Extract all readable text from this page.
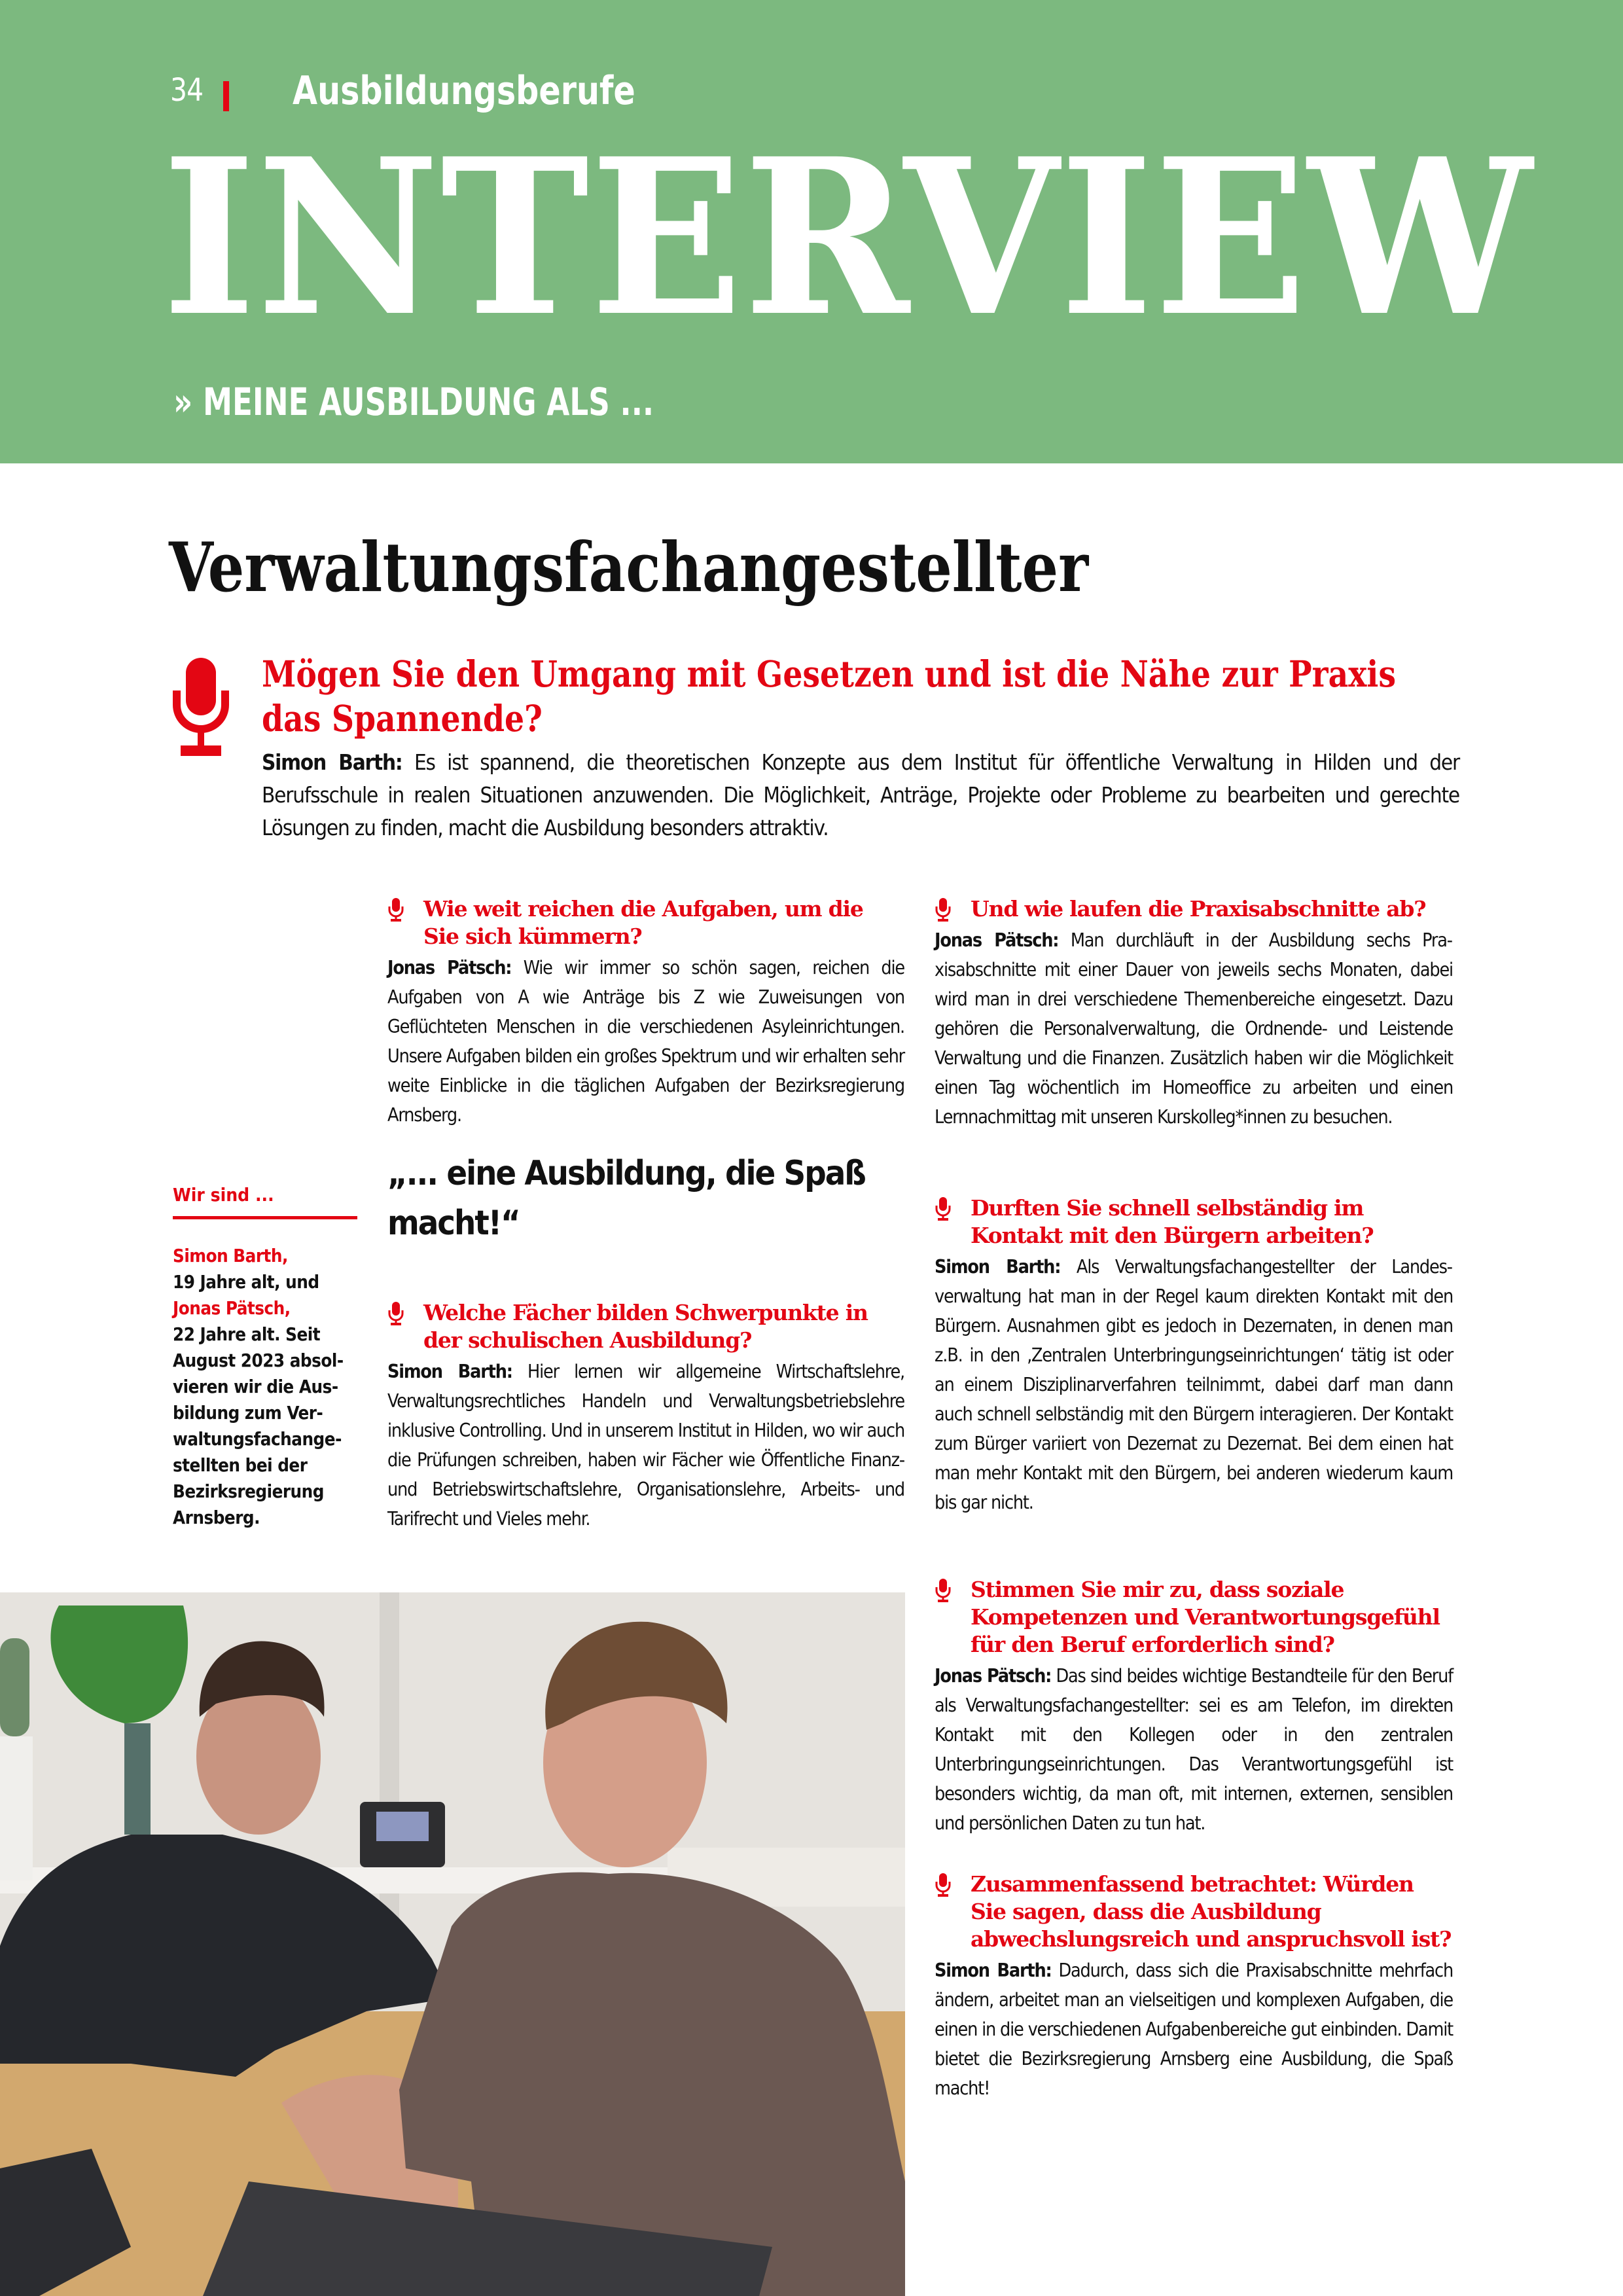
34 Ausbildungsberufe
INTERVIEW
» MEINE AUSBILDUNG ALS ...
Verwaltungsfachangestellter
Mögen Sie den Umgang mit Gesetzen und ist die Nähe zur Praxis das Spannende?
Simon Barth: Es ist spannend, die theoretischen Konzepte aus dem Institut für öffentliche Verwaltung in Hilden und der Berufsschule in realen Situationen anzuwenden. Die Möglichkeit, Anträge, Projekte oder Probleme zu bearbeiten und gerechte Lösungen zu finden, macht die Ausbildung besonders attraktiv.
Wir sind ...
Simon Barth,
19 Jahre alt, und
Jonas Pätsch,
22 Jahre alt. Seit August 2023 absolvieren wir die Ausbildung zum Verwaltungsfachangestellten bei der Bezirksregierung Arnsberg.
Wie weit reichen die Aufgaben, um die Sie sich kümmern?
Jonas Pätsch: Wie wir immer so schön sagen, reichen die Aufgaben von A wie Anträge bis Z wie Zuweisungen von Geflüchteten Menschen in die verschiedenen Asyleinrichtungen. Unsere Aufgaben bilden ein großes Spektrum und wir erhalten sehr weite Einblicke in die täglichen Aufgaben der Bezirksregierung Arnsberg.
„... eine Ausbildung, die Spaß macht!“
Welche Fächer bilden Schwerpunkte in der schulischen Ausbildung?
Simon Barth: Hier lernen wir allgemeine Wirtschaftslehre, Verwaltungsrechtliches Handeln und Verwaltungsbetriebslehre inklusive Controlling. Und in unserem Institut in Hilden, wo wir auch die Prüfungen schreiben, haben wir Fächer wie Öffentliche Finanz- und Betriebswirtschaftslehre, Organisationslehre, Arbeits- und Tarifrecht und Vieles mehr.
Und wie laufen die Praxisabschnitte ab?
Jonas Pätsch: Man durchläuft in der Ausbildung sechs Praxisabschnitte mit einer Dauer von jeweils sechs Monaten, dabei wird man in drei verschiedene Themenbereiche eingesetzt. Dazu gehören die Personalverwaltung, die Ordnende- und Leistende Verwaltung und die Finanzen. Zusätzlich haben wir die Möglichkeit einen Tag wöchentlich im Homeoffice zu arbeiten und einen Lernnachmittag mit unseren Kurskolleg*innen zu besuchen.
Durften Sie schnell selbständig im Kontakt mit den Bürgern arbeiten?
Simon Barth: Als Verwaltungsfachangestellter der Landesverwaltung hat man in der Regel kaum direkten Kontakt mit den Bürgern. Ausnahmen gibt es jedoch in Dezernaten, in denen man z.B. in den ‚Zentralen Unterbringungseinrichtungen‘ tätig ist oder an einem Disziplinarverfahren teilnimmt, dabei darf man dann auch schnell selbständig mit den Bürgern interagieren. Der Kontakt zum Bürger variiert von Dezernat zu Dezernat. Bei dem einen hat man mehr Kontakt mit den Bürgern, bei anderen wiederum kaum bis gar nicht.
Stimmen Sie mir zu, dass soziale Kompetenzen und Verantwortungsgefühl für den Beruf erforderlich sind?
Jonas Pätsch: Das sind beides wichtige Bestandteile für den Beruf als Verwaltungsfachangestellter: sei es am Telefon, im direkten Kontakt mit den Kollegen oder in den zentralen Unterbringungseinrichtungen. Das Verantwortungsgefühl ist besonders wichtig, da man oft, mit internen, externen, sensiblen und persönlichen Daten zu tun hat.
Zusammenfassend betrachtet: Würden Sie sagen, dass die Ausbildung abwechslungsreich und anspruchsvoll ist?
Simon Barth: Dadurch, dass sich die Praxisabschnitte mehrfach ändern, arbeitet man an vielseitigen und komplexen Aufgaben, die einen in die verschiedenen Aufgabenbereiche gut einbinden. Damit bietet die Bezirksregierung Arnsberg eine Ausbildung, die Spaß macht!
